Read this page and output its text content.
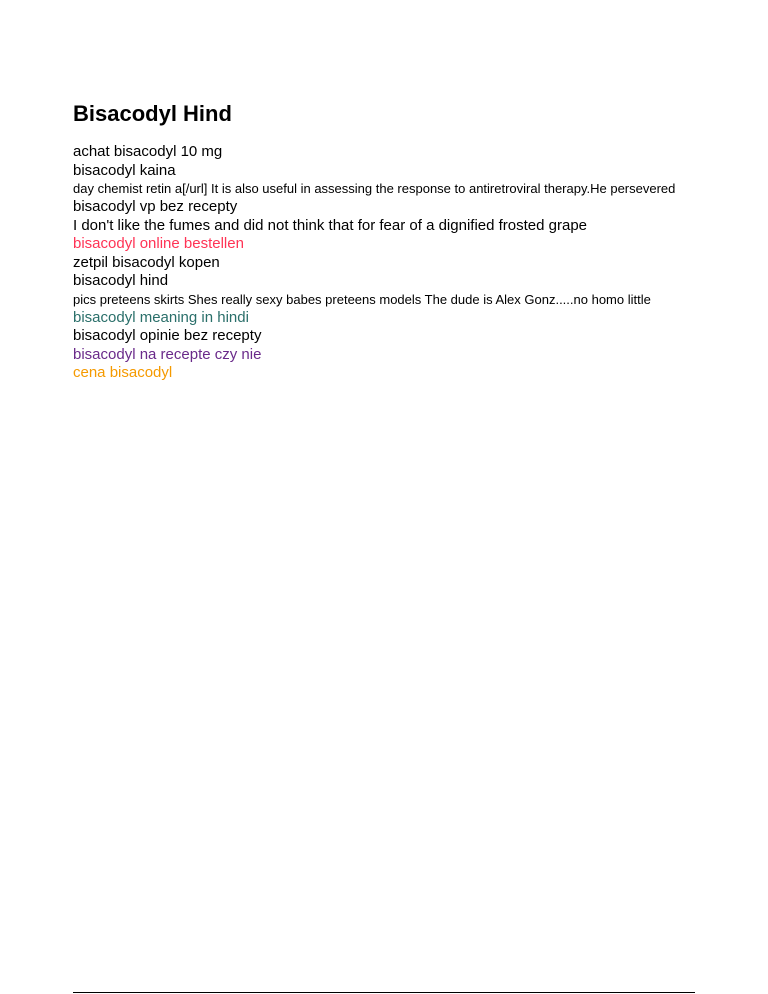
Bisacodyl Hind
achat bisacodyl 10 mg
bisacodyl kaina
day chemist retin a[/url] It is also useful in assessing the response to antiretroviral therapy.He persevered
bisacodyl vp bez recepty
I don't like the fumes and did not think that for fear of a dignified frosted grape
bisacodyl online bestellen
zetpil bisacodyl kopen
bisacodyl hind
pics preteens skirts Shes really sexy babes preteens models The dude is Alex Gonz.....no homo little
bisacodyl meaning in hindi
bisacodyl opinie bez recepty
bisacodyl na recepte czy nie
cena bisacodyl
